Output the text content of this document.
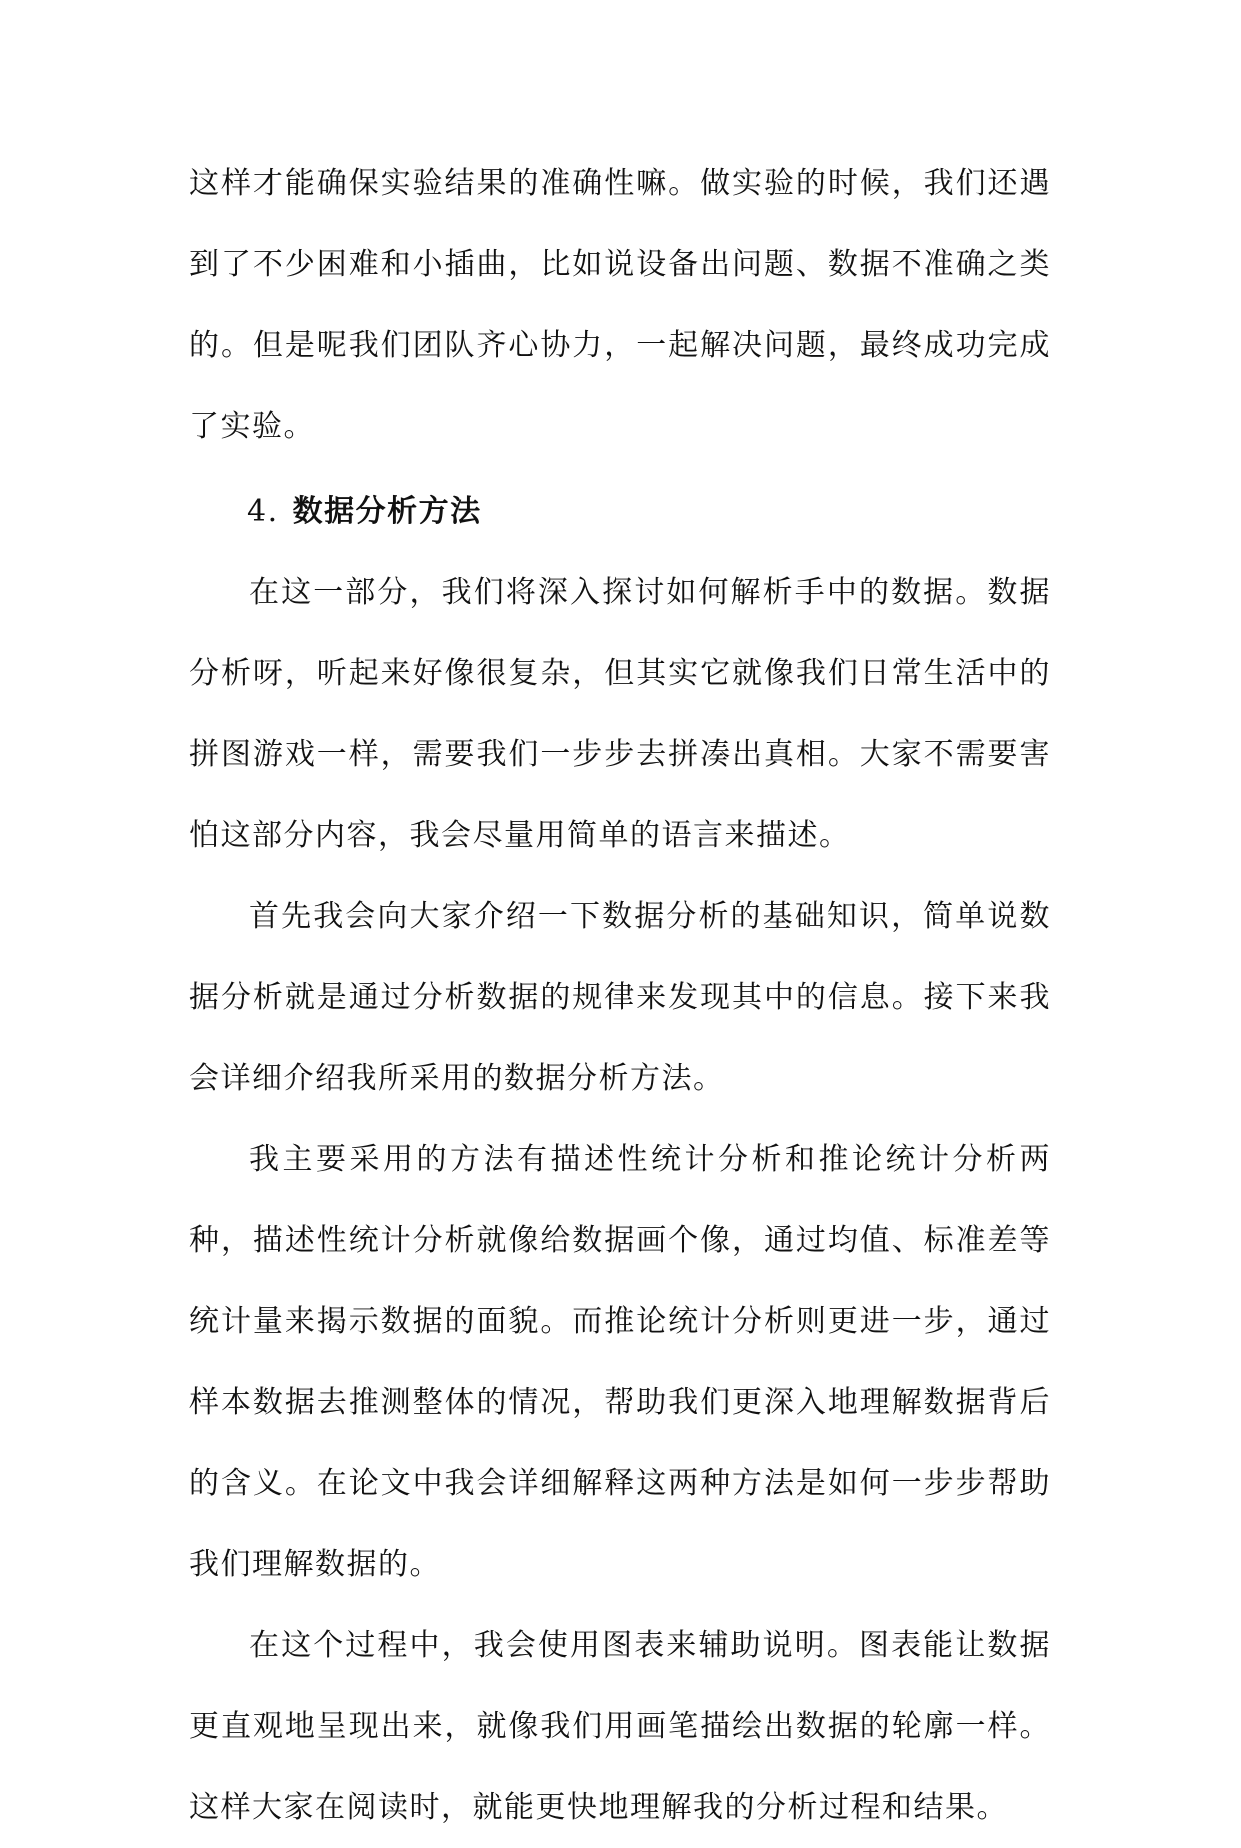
这样才能确保实验结果的准确性嘛。做实验的时候，我们还遇到了不少困难和小插曲，比如说设备出问题、数据不准确之类的。但是呢我们团队齐心协力，一起解决问题，最终成功完成了实验。

4. 数据分析方法

在这一部分，我们将深入探讨如何解析手中的数据。数据分析呀，听起来好像很复杂，但其实它就像我们日常生活中的拼图游戏一样，需要我们一步步去拼凑出真相。大家不需要害怕这部分内容，我会尽量用简单的语言来描述。

首先我会向大家介绍一下数据分析的基础知识，简单说数据分析就是通过分析数据的规律来发现其中的信息。接下来我会详细介绍我所采用的数据分析方法。

我主要采用的方法有描述性统计分析和推论统计分析两种，描述性统计分析就像给数据画个像，通过均值、标准差等统计量来揭示数据的面貌。而推论统计分析则更进一步，通过样本数据去推测整体的情况，帮助我们更深入地理解数据背后的含义。在论文中我会详细解释这两种方法是如何一步步帮助我们理解数据的。

在这个过程中，我会使用图表来辅助说明。图表能让数据更直观地呈现出来，就像我们用画笔描绘出数据的轮廓一样。这样大家在阅读时，就能更快地理解我的分析过程和结果。
